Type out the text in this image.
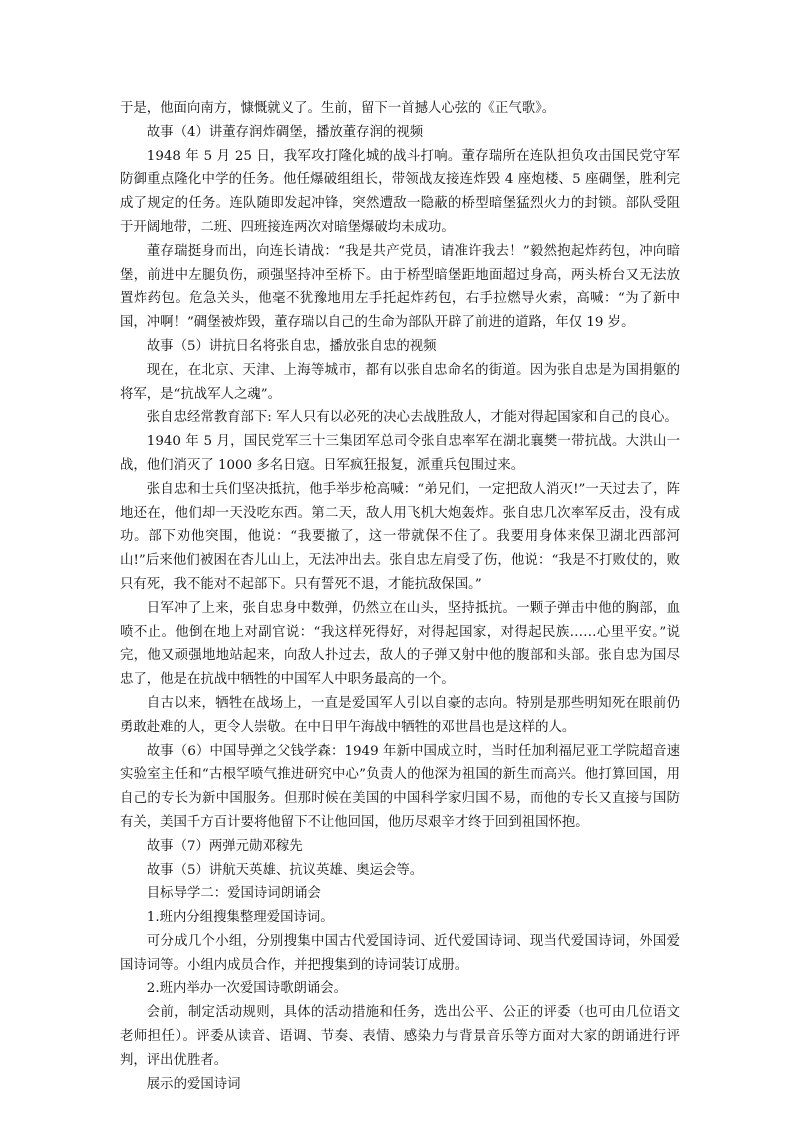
于是，他面向南方，慷慨就义了。生前，留下一首撼人心弦的《正气歌》。

故事（4）讲董存润炸碉堡，播放董存润的视频

1948 年 5 月 25 日，我军攻打隆化城的战斗打响。董存瑞所在连队担负攻击国民党守军防御重点隆化中学的任务。他任爆破组组长，带领战友接连炸毁 4 座炮楼、5 座碉堡，胜利完成了规定的任务。连队随即发起冲锋，突然遭敌一隐蔽的桥型暗堡猛烈火力的封锁。部队受阻于开阔地带，二班、四班接连两次对暗堡爆破均未成功。

董存瑞挺身而出，向连长请战：“我是共产党员，请准许我去！”毅然抱起炸药包，冲向暗堡，前进中左腿负伤，顽强坚持冲至桥下。由于桥型暗堡距地面超过身高，两头桥台又无法放置炸药包。危急关头，他毫不犹豫地用左手托起炸药包，右手拉燃导火索，高喊：“为了新中国，冲啊！”碉堡被炸毁，董存瑞以自己的生命为部队开辟了前进的道路，年仅 19 岁。

故事（5）讲抗日名将张自忠，播放张自忠的视频

现在，在北京、天津、上海等城市，都有以张自忠命名的街道。因为张自忠是为国捐躯的将军，是“抗战军人之魂”。

张自忠经常教育部下: 军人只有以必死的决心去战胜敌人，才能对得起国家和自己的良心。

1940 年 5 月，国民党军三十三集团军总司令张自忠率军在湖北襄樊一带抗战。大洪山一战，他们消灭了 1000 多名日寇。日军疯狂报复，派重兵包围过来。

张自忠和士兵们坚决抵抗，他手举步枪高喊：“弟兄们，一定把敌人消灭!”一天过去了，阵地还在，他们却一天没吃东西。第二天，敌人用飞机大炮轰炸。张自忠几次率军反击，没有成功。部下劝他突围，他说：“我要撤了，这一带就保不住了。我要用身体来保卫湖北西部河山!”后来他们被困在杏儿山上，无法冲出去。张自忠左肩受了伤，他说：“我是不打败仗的，败只有死，我不能对不起部下。只有誓死不退，才能抗敌保国。”

日军冲了上来，张自忠身中数弹，仍然立在山头，坚持抵抗。一颗子弹击中他的胸部，血喷不止。他倒在地上对副官说：“我这样死得好，对得起国家，对得起民族……心里平安。”说完，他又顽强地地站起来，向敌人扑过去，敌人的子弹又射中他的腹部和头部。张自忠为国尽忠了，他是在抗战中牺牲的中国军人中职务最高的一个。

自古以来，牺牲在战场上，一直是爱国军人引以自豪的志向。特别是那些明知死在眼前仍勇敢赴难的人，更令人崇敬。在中日甲午海战中牺牲的邓世昌也是这样的人。

故事（6）中国导弹之父钱学森：1949 年新中国成立时，当时任加利福尼亚工学院超音速实验室主任和“古根罕喷气推进研究中心”负责人的他深为祖国的新生而高兴。他打算回国，用自己的专长为新中国服务。但那时候在美国的中国科学家归国不易，而他的专长又直接与国防有关，美国千方百计要将他留下不让他回国，他历尽艰辛才终于回到祖国怀抱。

故事（7）两弹元勋邓稼先

故事（5）讲航天英雄、抗议英雄、奥运会等。

目标导学二：爱国诗词朗诵会

1.班内分组搜集整理爱国诗词。

可分成几个小组，分别搜集中国古代爱国诗词、近代爱国诗词、现当代爱国诗词，外国爱国诗词等。小组内成员合作，并把搜集到的诗词装订成册。

2.班内举办一次爱国诗歌朗诵会。

会前，制定活动规则，具体的活动措施和任务，选出公平、公正的评委（也可由几位语文老师担任）。评委从读音、语调、节奏、表情、感染力与背景音乐等方面对大家的朗诵进行评判，评出优胜者。

展示的爱国诗词
